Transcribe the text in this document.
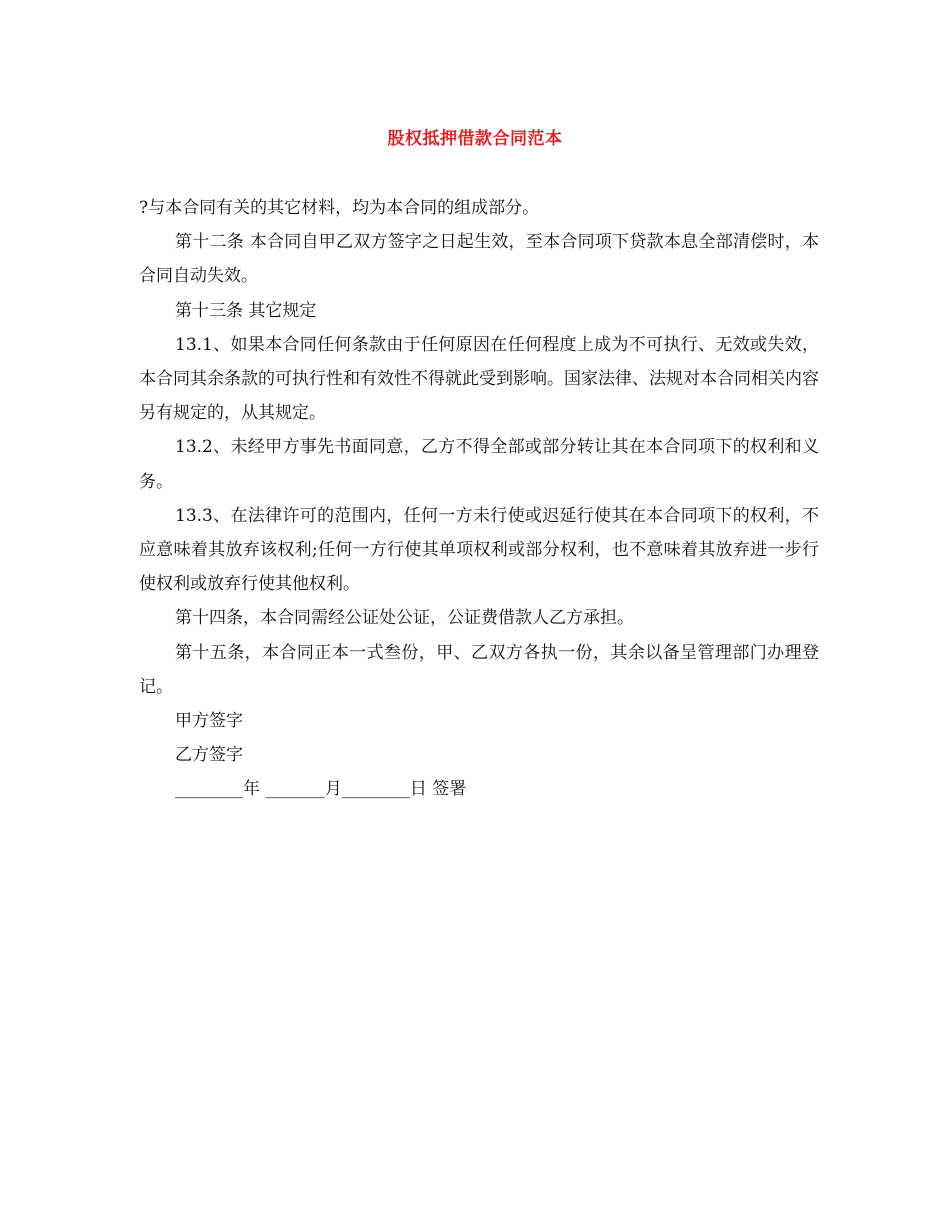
股权抵押借款合同范本

?与本合同有关的其它材料，均为本合同的组成部分。

第十二条 本合同自甲乙双方签字之日起生效，至本合同项下贷款本息全部清偿时，本合同自动失效。

第十三条 其它规定

13.1、如果本合同任何条款由于任何原因在任何程度上成为不可执行、无效或失效，本合同其余条款的可执行性和有效性不得就此受到影响。国家法律、法规对本合同相关内容另有规定的，从其规定。

13.2、未经甲方事先书面同意，乙方不得全部或部分转让其在本合同项下的权利和义务。

13.3、在法律许可的范围内，任何一方未行使或迟延行使其在本合同项下的权利，不应意味着其放弃该权利;任何一方行使其单项权利或部分权利，也不意味着其放弃进一步行使权利或放弃行使其他权利。

第十四条，本合同需经公证处公证，公证费借款人乙方承担。

第十五条，本合同正本一式叁份，甲、乙双方各执一份，其余以备呈管理部门办理登记。

甲方签字

乙方签字

________年 _______月________日 签署
